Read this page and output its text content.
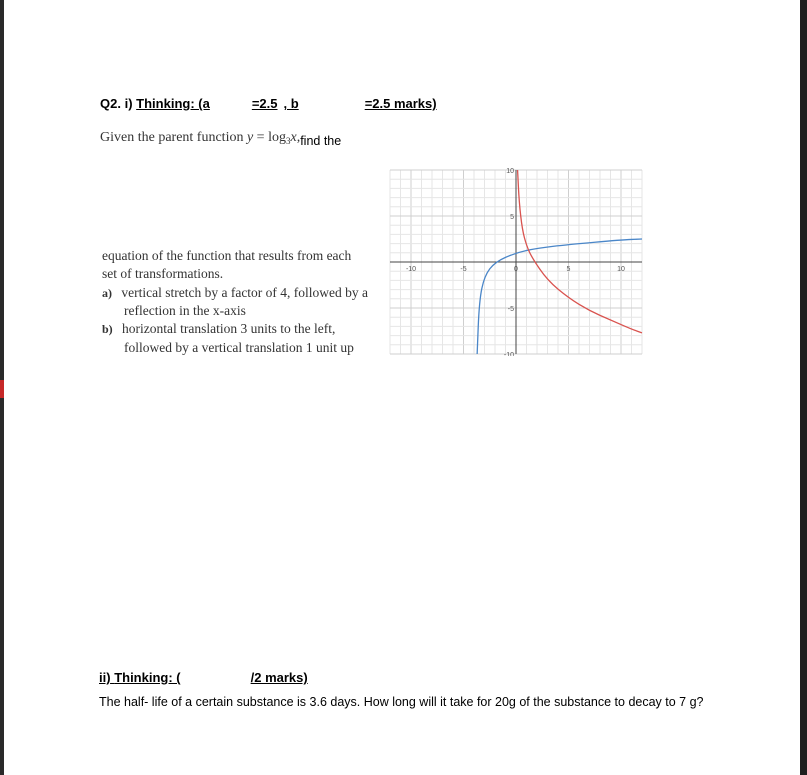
Q2. i) Thinking: (a	=2.5 , b	=2.5 marks)
Given the parent function $y = \log_3x,find$ the
equation of the function that results from each
set of transformations.
a) vertical stretch by a factor of 4, followed by a
reflection in the x-axis
b) horizontal translation 3 units to the left,
followed by a vertical translation 1 unit up
-10	-5	0	5	10
10
5
-5
-10
ii) Thinking: (	/2 marks)
The half- life of a certain substance is 3.6 days. How long will it take for 20g of the substance to decay to 7 g?
